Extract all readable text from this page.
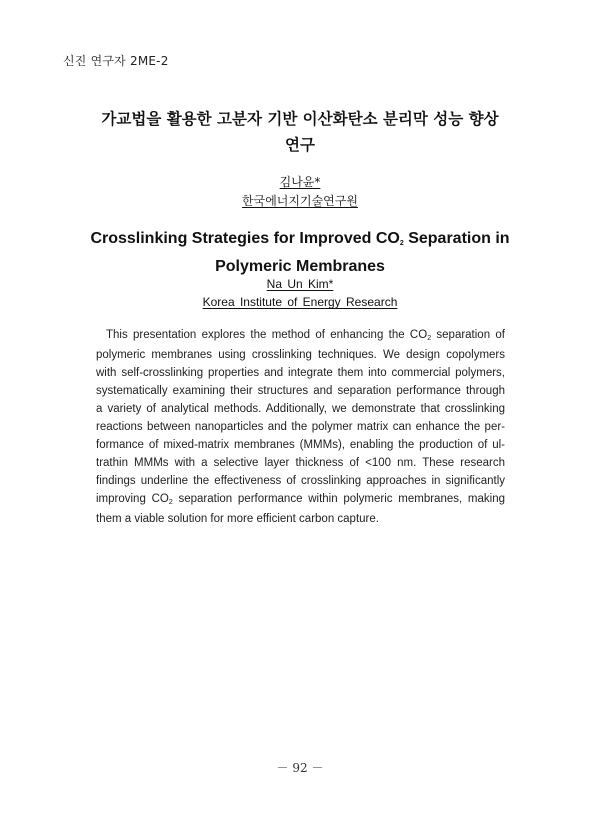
신진 연구자 2ME-2
가교법을 활용한 고분자 기반 이산화탄소 분리막 성능 향상
연구
김나윤*
한국에너지기술연구원
Crosslinking Strategies for Improved $CO_2$ Separation in
Polymeric Membranes
Na Un Kim*
Korea Institute of Energy Research
This presentation explores the method of enhancing the $CO_2$ separation of
polymeric membranes using crosslinking techniques. We design copolymers
with self-crosslinking properties and integrate them into commercial polymers,
systematically examining their structures and separation performance through
a variety of analytical methods. Additionally, we demonstrate that crosslinking
reactions between nanoparticles and the polymer matrix can enhance the per-
formance of mixed-matrix membranes (MMMs), enabling the production of ul-
trathin MMMs with a selective layer thickness of <100 nm. These research
findings underline the effectiveness of crosslinking approaches in significantly
improving $CO_2$ separation performance within polymeric membranes, making
them a viable solution for more efficient carbon capture.
－ 92 －
